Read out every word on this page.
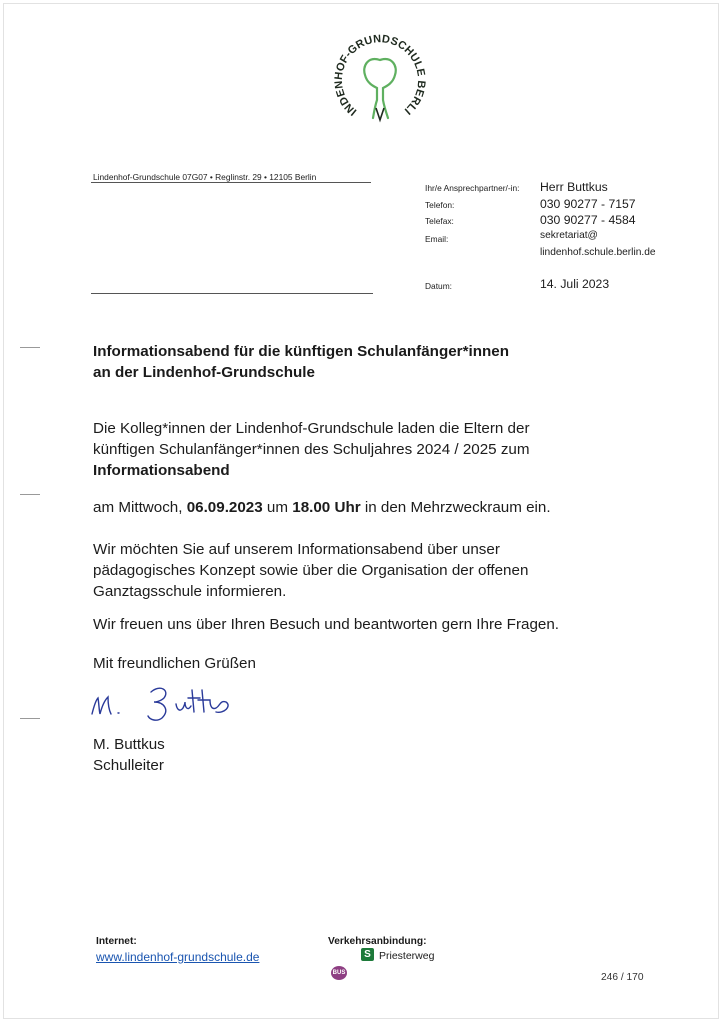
INDENHOF-GRUNDSCHULE BERLI
Lindenhof-Grundschule 07G07 • Reglinstr. 29 • 12105 Berlin
Ihr/e Ansprechpartner/-in: Herr Buttkus
Telefon:	030 90277 - 7157
Telefax:	030 90277 - 4584
Email:	sekretariat@
lindenhof.schule.berlin.de
Datum:	14. Juli 2023
Informationsabend für die künftigen Schulanfänger*innen
an der Lindenhof-Grundschule
Die Kolleg*innen der Lindenhof-Grundschule laden die Eltern der
künftigen Schulanfänger*innen des Schuljahres 2024 / 2025 zum
Informationsabend
am Mittwoch, 06.09.2023 um 18.00 Uhr in den Mehrzweckraum ein.
Wir möchten Sie auf unserem Informationsabend über unser
pädagogisches Konzept sowie über die Organisation der offenen
Ganztagsschule informieren.
Wir freuen uns über Ihren Besuch und beantworten gern Ihre Fragen.
Mit freundlichen Grüßen
M. Buttkus
Schulleiter
Internet:
www.lindenhof-grundschule.de
Verkehrsanbindung:
S Priesterweg
BUS	246 / 170
